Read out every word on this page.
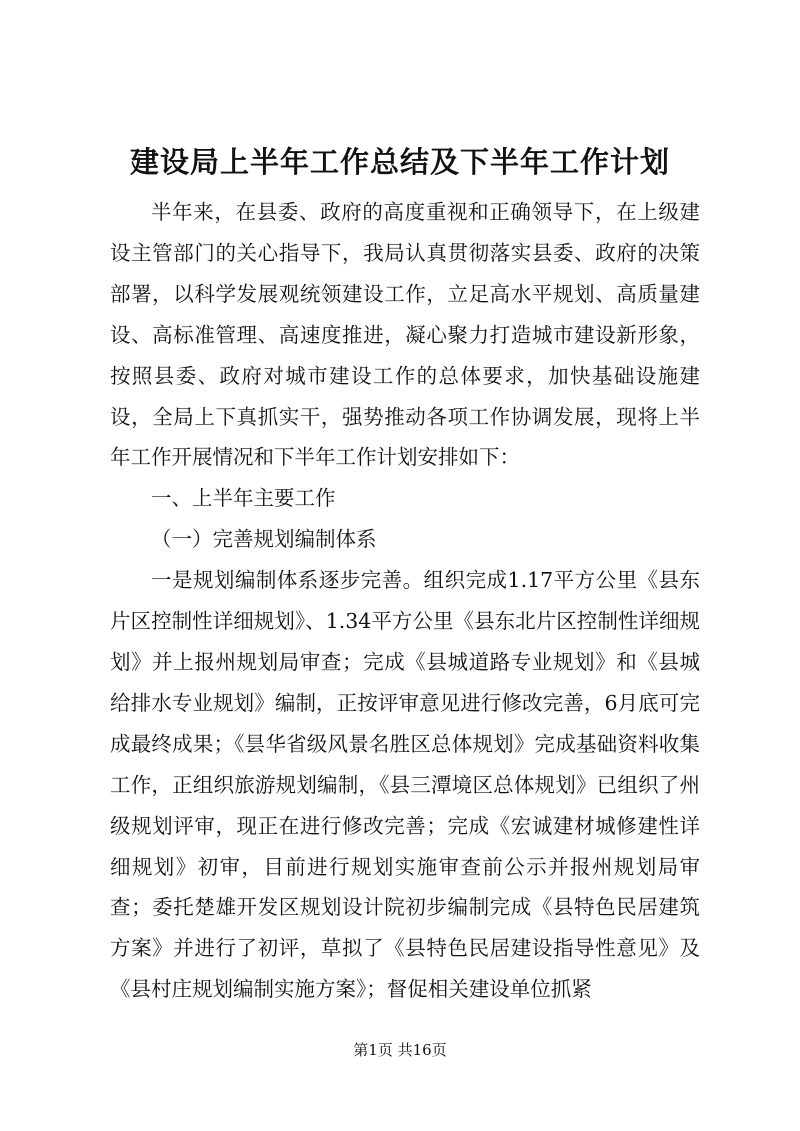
建设局上半年工作总结及下半年工作计划

半年来，在县委、政府的高度重视和正确领导下，在上级建设主管部门的关心指导下，我局认真贯彻落实县委、政府的决策部署，以科学发展观统领建设工作，立足高水平规划、高质量建设、高标准管理、高速度推进，凝心聚力打造城市建设新形象，按照县委、政府对城市建设工作的总体要求，加快基础设施建设，全局上下真抓实干，强势推动各项工作协调发展，现将上半年工作开展情况和下半年工作计划安排如下：

一、上半年主要工作

（一）完善规划编制体系

一是规划编制体系逐步完善。组织完成1.17平方公里《县东片区控制性详细规划》、1.34平方公里《县东北片区控制性详细规划》并上报州规划局审查；完成《县城道路专业规划》和《县城给排水专业规划》编制，正按评审意见进行修改完善，6月底可完成最终成果；《昙华省级风景名胜区总体规划》完成基础资料收集工作，正组织旅游规划编制，《县三潭境区总体规划》已组织了州级规划评审，现正在进行修改完善；完成《宏诚建材城修建性详细规划》初审，目前进行规划实施审查前公示并报州规划局审查；委托楚雄开发区规划设计院初步编制完成《县特色民居建筑方案》并进行了初评，草拟了《县特色民居建设指导性意见》及《县村庄规划编制实施方案》；督促相关建设单位抓紧

第1页 共16页
